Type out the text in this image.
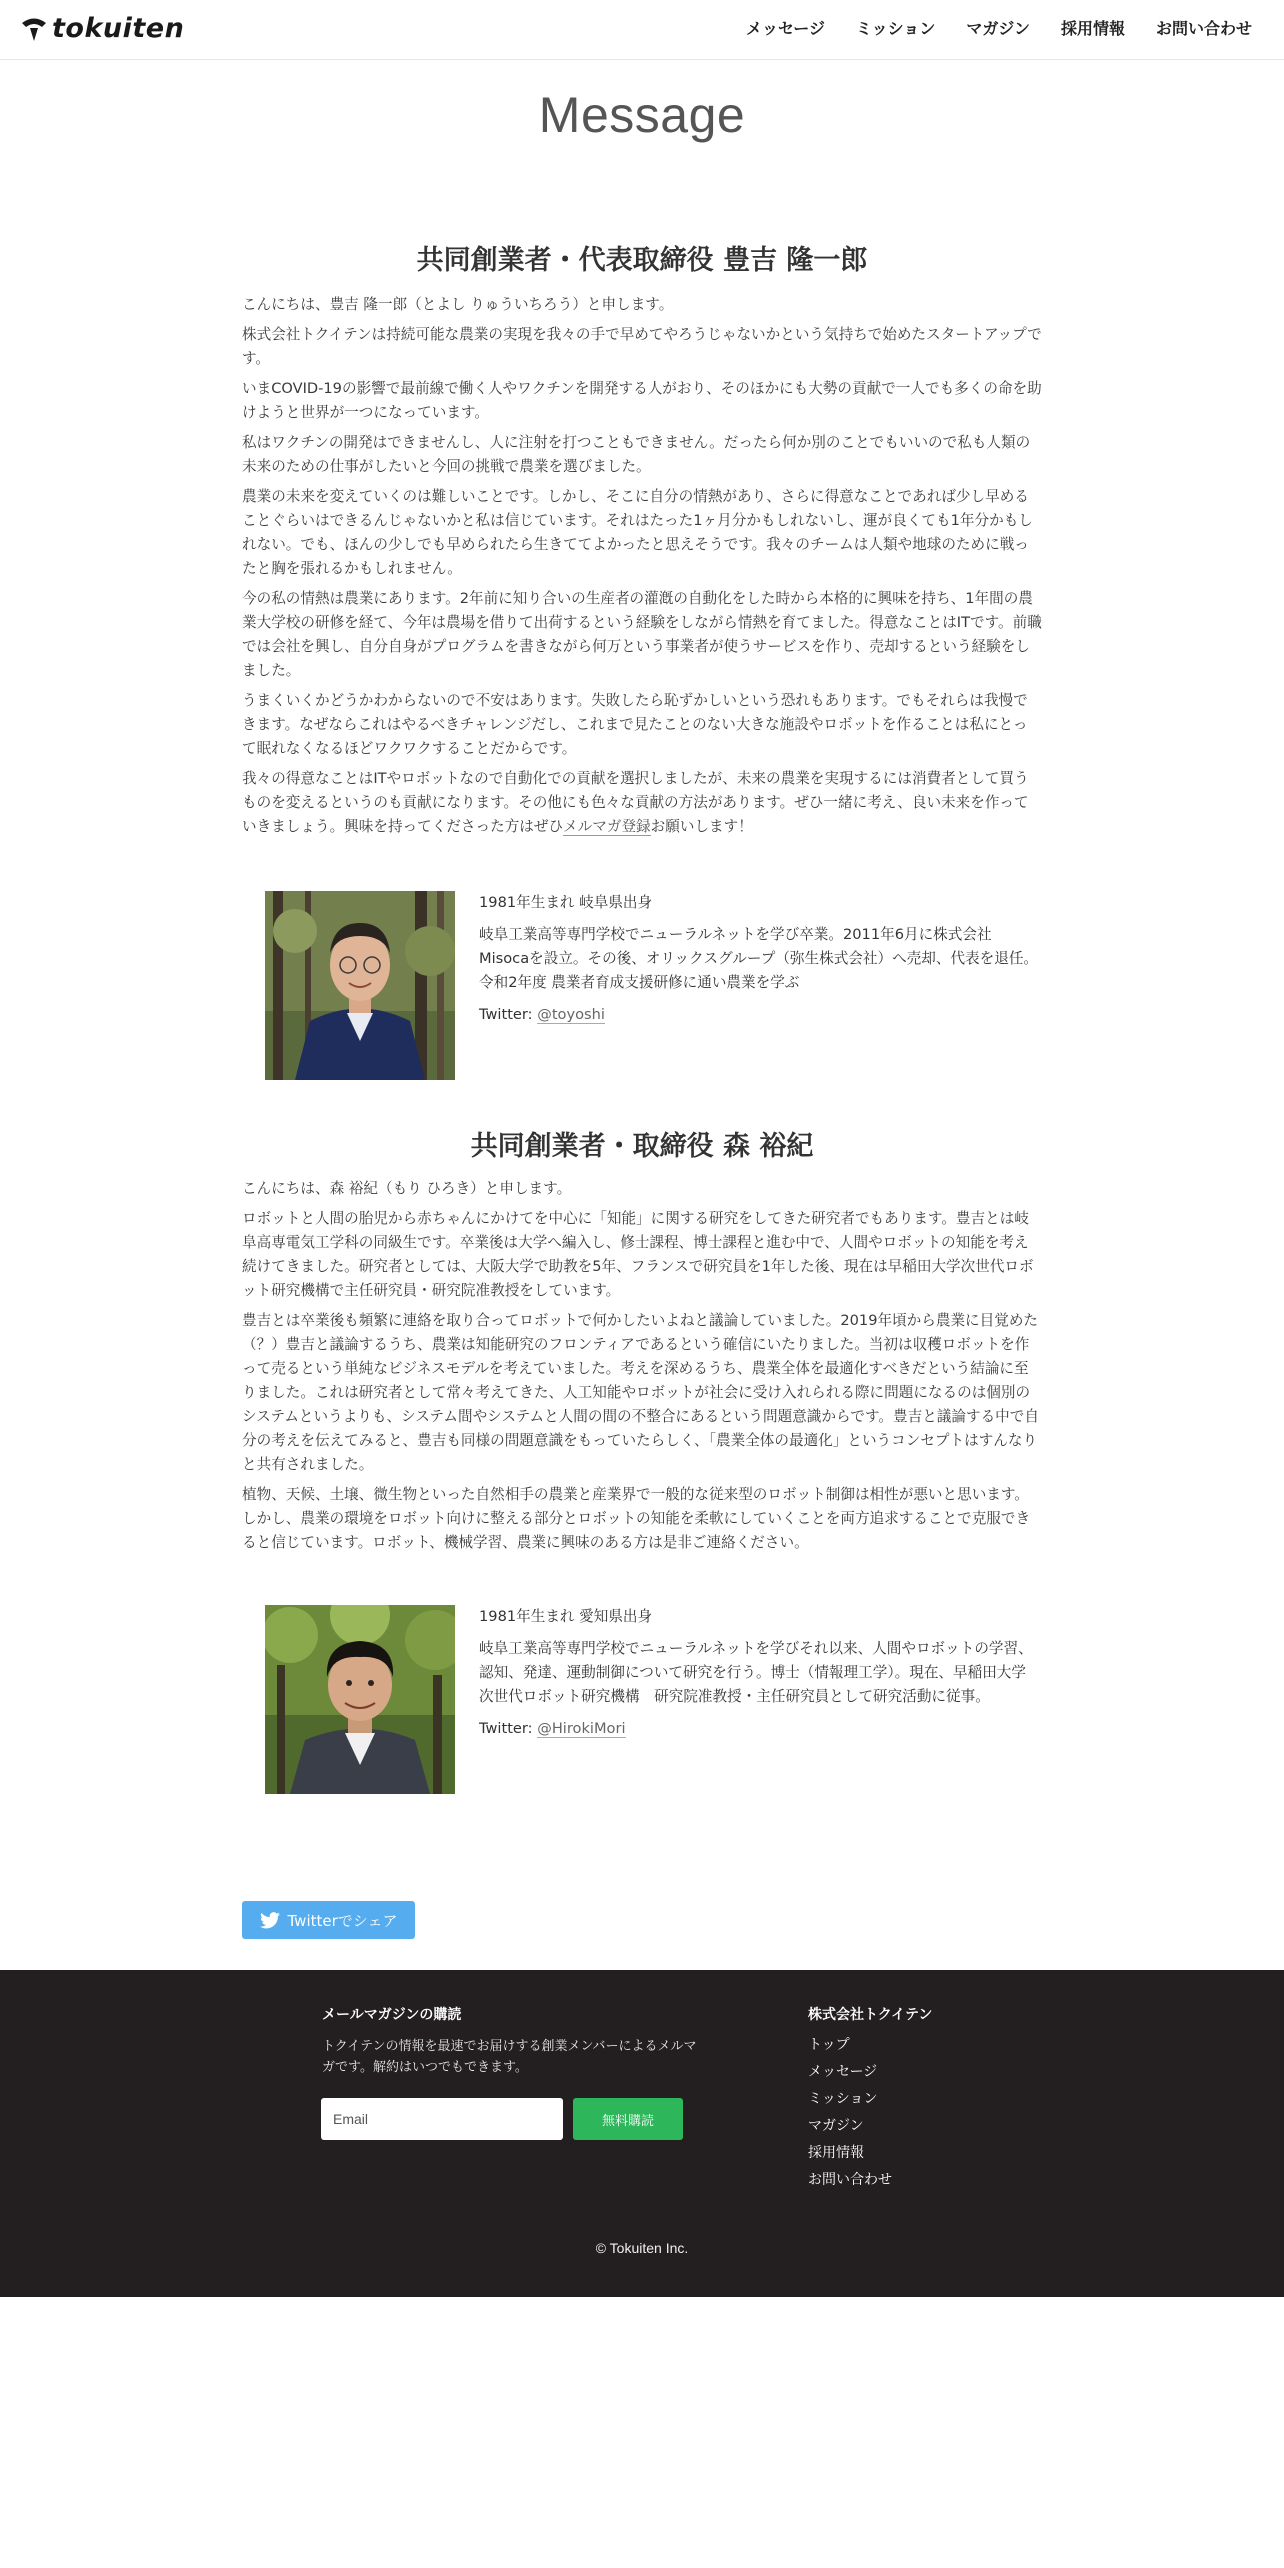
tokuiten	メッセージ ミッション マガジン 採用情報 お問い合わせ
Message
共同創業者・代表取締役 豊吉 隆一郎

こんにちは、豊吉 隆一郎（とよし りゅういちろう）と申します。

株式会社トクイテンは持続可能な農業の実現を我々の手で早めてやろうじゃないかという気持ちで始めたスタートアップです。

いまCOVID-19の影響で最前線で働く人やワクチンを開発する人がおり、そのほかにも大勢の貢献で一人でも多くの命を助けようと世界が一つになっています。

私はワクチンの開発はできませんし、人に注射を打つこともできません。だったら何か別のことでもいいので私も人類の未来のための仕事がしたいと今回の挑戦で農業を選びました。

農業の未来を変えていくのは難しいことです。しかし、そこに自分の情熱があり、さらに得意なことであれば少し早めることぐらいはできるんじゃないかと私は信じています。それはたった1ヶ月分かもしれないし、運が良くても1年分かもしれない。でも、ほんの少しでも早められたら生きててよかったと思えそうです。我々のチームは人類や地球のために戦ったと胸を張れるかもしれません。

今の私の情熱は農業にあります。2年前に知り合いの生産者の灌漑の自動化をした時から本格的に興味を持ち、1年間の農業大学校の研修を経て、今年は農場を借りて出荷するという経験をしながら情熱を育てました。得意なことはITです。前職では会社を興し、自分自身がプログラムを書きながら何万という事業者が使うサービスを作り、売却するという経験をしました。

うまくいくかどうかわからないので不安はあります。失敗したら恥ずかしいという恐れもあります。でもそれらは我慢できます。なぜならこれはやるべきチャレンジだし、これまで見たことのない大きな施設やロボットを作ることは私にとって眠れなくなるほどワクワクすることだからです。

我々の得意なことはITやロボットなので自動化での貢献を選択しましたが、未来の農業を実現するには消費者として買うものを変えるというのも貢献になります。その他にも色々な貢献の方法があります。ぜひ一緒に考え、良い未来を作っていきましょう。興味を持ってくださった方はぜひメルマガ登録お願いします！

1981年生まれ 岐阜県出身

岐阜工業高等専門学校でニューラルネットを学び卒業。2011年6月に株式会社Misocaを設立。その後、オリックスグループ（弥生株式会社）へ売却、代表を退任。令和2年度 農業者育成支援研修に通い農業を学ぶ

Twitter: @toyoshi

共同創業者・取締役 森 裕紀

こんにちは、森 裕紀（もり ひろき）と申します。

ロボットと人間の胎児から赤ちゃんにかけてを中心に「知能」に関する研究をしてきた研究者でもあります。豊吉とは岐阜高専電気工学科の同級生です。卒業後は大学へ編入し、修士課程、博士課程と進む中で、人間やロボットの知能を考え続けてきました。研究者としては、大阪大学で助教を5年、フランスで研究員を1年した後、現在は早稲田大学次世代ロボット研究機構で主任研究員・研究院准教授をしています。

豊吉とは卒業後も頻繁に連絡を取り合ってロボットで何かしたいよねと議論していました。2019年頃から農業に目覚めた（？）豊吉と議論するうち、農業は知能研究のフロンティアであるという確信にいたりました。当初は収穫ロボットを作って売るという単純なビジネスモデルを考えていました。考えを深めるうち、農業全体を最適化すべきだという結論に至りました。これは研究者として常々考えてきた、人工知能やロボットが社会に受け入れられる際に問題になるのは個別のシステムというよりも、システム間やシステムと人間の間の不整合にあるという問題意識からです。豊吉と議論する中で自分の考えを伝えてみると、豊吉も同様の問題意識をもっていたらしく、「農業全体の最適化」というコンセプトはすんなりと共有されました。

植物、天候、土壌、微生物といった自然相手の農業と産業界で一般的な従来型のロボット制御は相性が悪いと思います。しかし、農業の環境をロボット向けに整える部分とロボットの知能を柔軟にしていくことを両方追求することで克服できると信じています。ロボット、機械学習、農業に興味のある方は是非ご連絡ください。

1981年生まれ 愛知県出身

岐阜工業高等専門学校でニューラルネットを学びそれ以来、人間やロボットの学習、認知、発達、運動制御について研究を行う。博士（情報理工学）。現在、早稲田大学次世代ロボット研究機構　研究院准教授・主任研究員として研究活動に従事。

Twitter: @HirokiMori

Twitterでシェア

メールマガジンの購読

トクイテンの情報を最速でお届けする創業メンバーによるメルマガです。解約はいつでもできます。

Email	無料購読

株式会社トクイテン

トップ
メッセージ
ミッション
マガジン
採用情報
お問い合わせ

© Tokuiten Inc.
